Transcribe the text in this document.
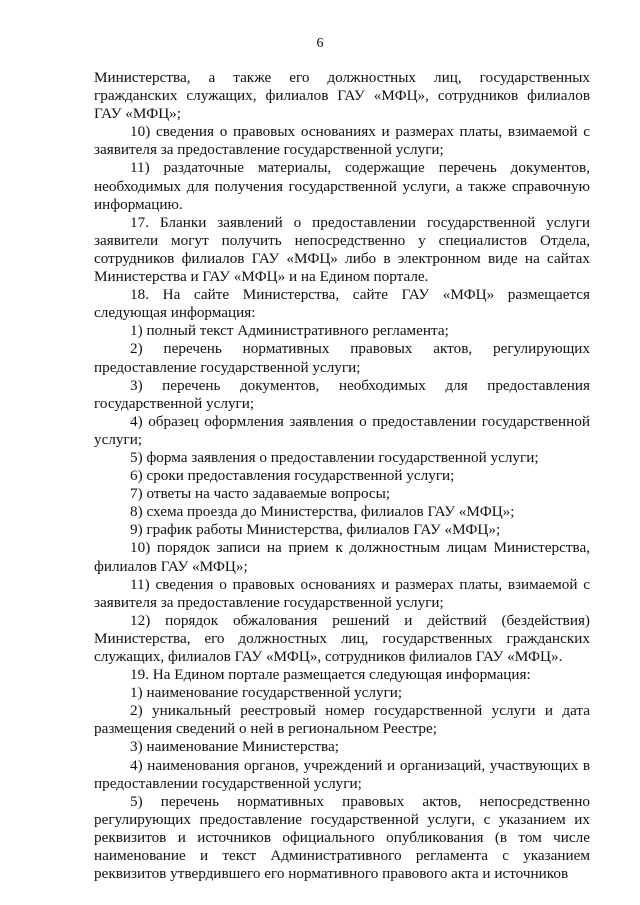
6

Министерства, а также его должностных лиц, государственных гражданских служащих, филиалов ГАУ «МФЦ», сотрудников филиалов ГАУ «МФЦ»;

10) сведения о правовых основаниях и размерах платы, взимаемой с заявителя за предоставление государственной услуги;

11) раздаточные материалы, содержащие перечень документов, необходимых для получения государственной услуги, а также справочную информацию.

17. Бланки заявлений о предоставлении государственной услуги заявители могут получить непосредственно у специалистов Отдела, сотрудников филиалов ГАУ «МФЦ» либо в электронном виде на сайтах Министерства и ГАУ «МФЦ» и на Едином портале.

18. На сайте Министерства, сайте ГАУ «МФЦ» размещается следующая информация:

1) полный текст Административного регламента;

2) перечень нормативных правовых актов, регулирующих предоставление государственной услуги;

3) перечень документов, необходимых для предоставления государственной услуги;

4) образец оформления заявления о предоставлении государственной услуги;

5) форма заявления о предоставлении государственной услуги;

6) сроки предоставления государственной услуги;

7) ответы на часто задаваемые вопросы;

8) схема проезда до Министерства, филиалов ГАУ «МФЦ»;

9) график работы Министерства, филиалов ГАУ «МФЦ»;

10) порядок записи на прием к должностным лицам Министерства, филиалов ГАУ «МФЦ»;

11) сведения о правовых основаниях и размерах платы, взимаемой с заявителя за предоставление государственной услуги;

12) порядок обжалования решений и действий (бездействия) Министерства, его должностных лиц, государственных гражданских служащих, филиалов ГАУ «МФЦ», сотрудников филиалов ГАУ «МФЦ».

19. На Едином портале размещается следующая информация:

1) наименование государственной услуги;

2) уникальный реестровый номер государственной услуги и дата размещения сведений о ней в региональном Реестре;

3) наименование Министерства;

4) наименования органов, учреждений и организаций, участвующих в предоставлении государственной услуги;

5) перечень нормативных правовых актов, непосредственно регулирующих предоставление государственной услуги, с указанием их реквизитов и источников официального опубликования (в том числе наименование и текст Административного регламента с указанием реквизитов утвердившего его нормативного правового акта и источников
